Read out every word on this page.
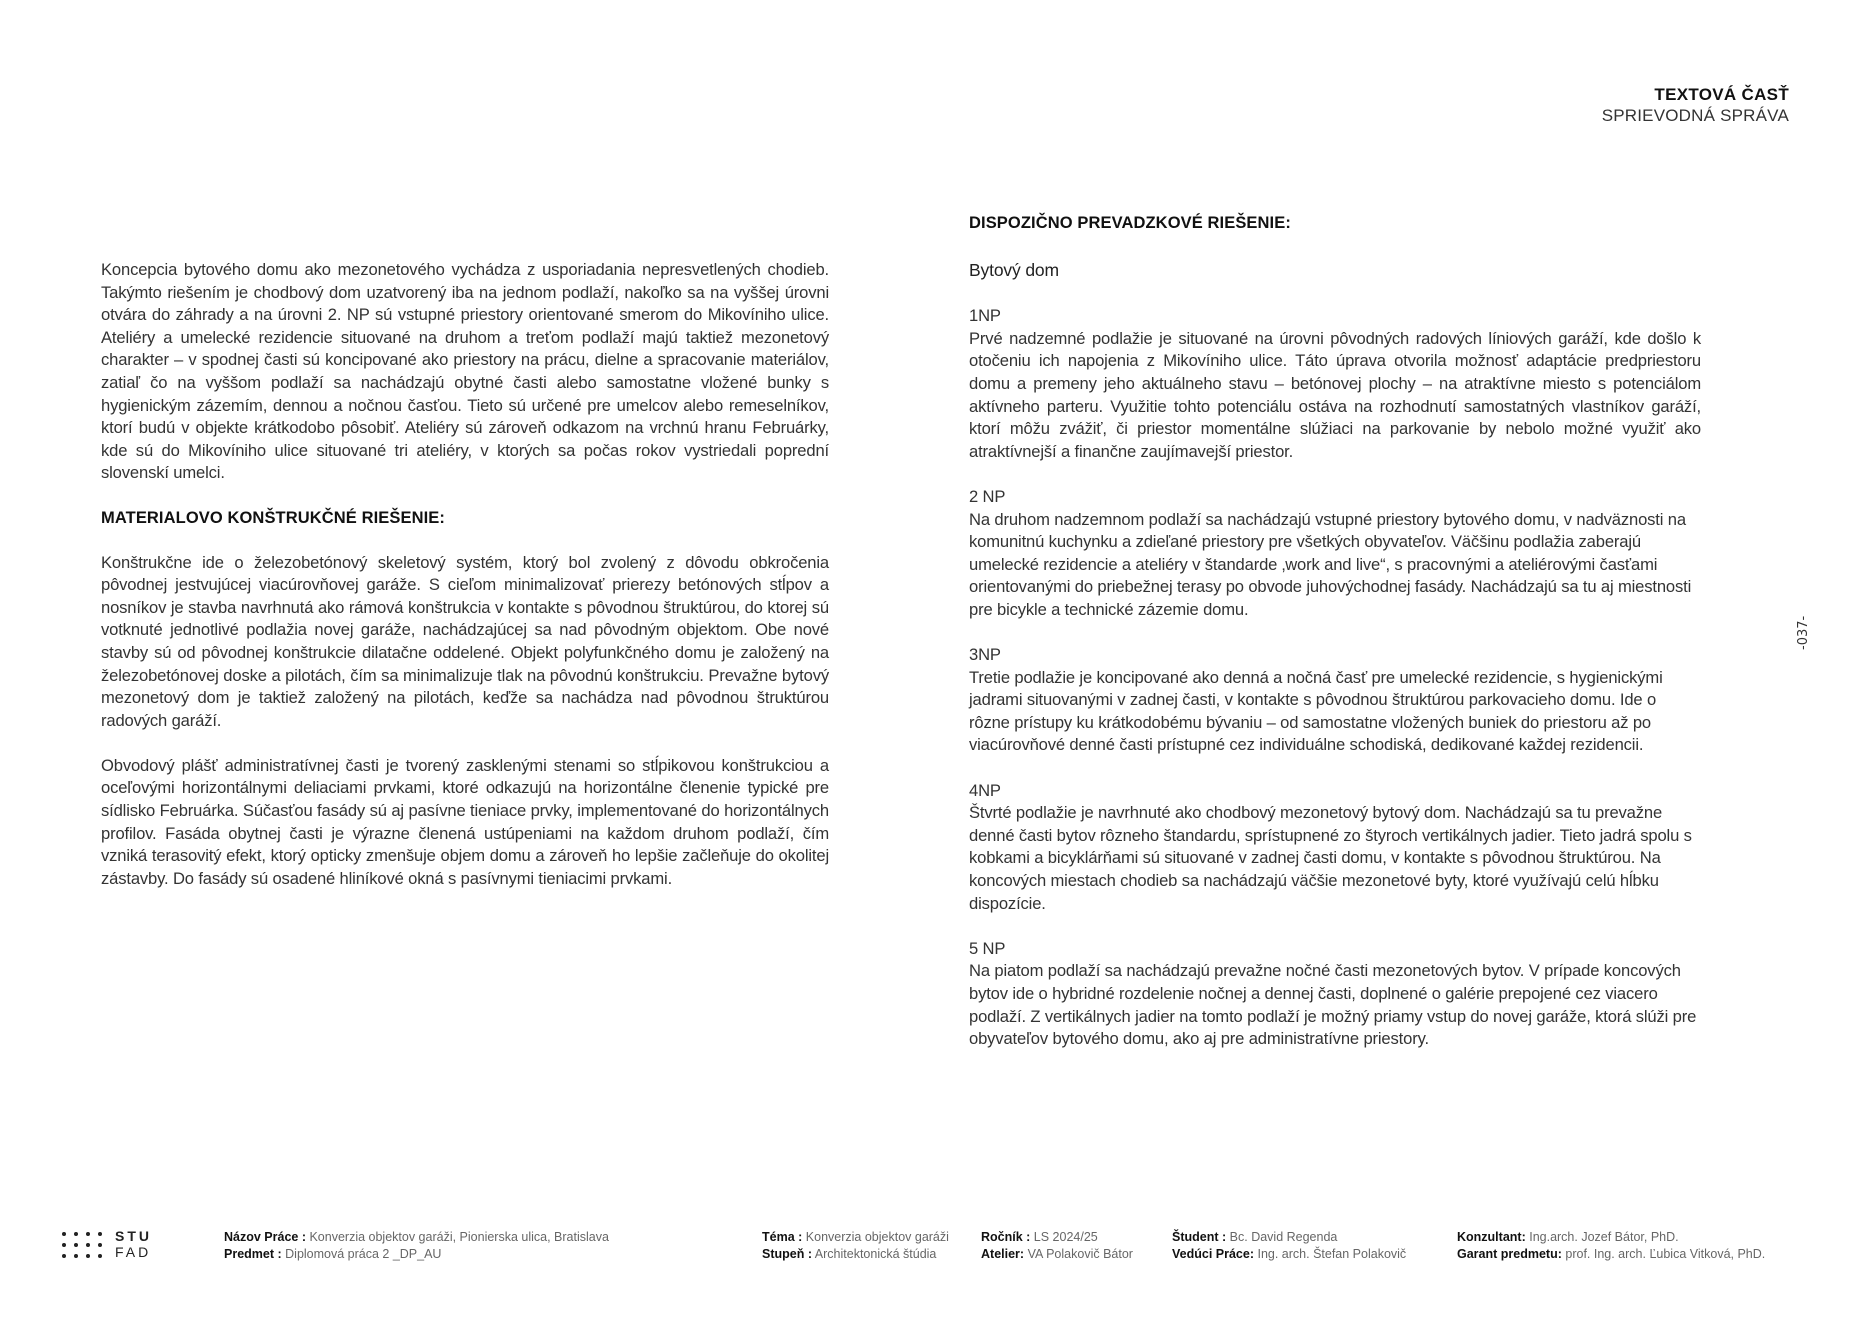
TEXTOVÁ ČASŤ
SPRIEVODNÁ SPRÁVA

Koncepcia bytového domu ako mezonetového vychádza z usporiadania nepresvetlených chodieb. Takýmto riešením je chodbový dom uzatvorený iba na jednom podlaží, nakoľko sa na vyššej úrovni otvára do záhrady a na úrovni 2. NP sú vstupné priestory orientované smerom do Mikovíniho ulice. Ateliéry a umelecké rezidencie situované na druhom a treťom podlaží majú taktiež mezonetový charakter – v spodnej časti sú koncipované ako priestory na prácu, dielne a spracovanie materiálov, zatiaľ čo na vyššom podlaží sa nachádzajú obytné časti alebo samostatne vložené bunky s hygienickým zázemím, dennou a nočnou časťou. Tieto sú určené pre umelcov alebo remeselníkov, ktorí budú v objekte krátkodobo pôsobiť. Ateliéry sú zároveň odkazom na vrchnú hranu Februárky, kde sú do Mikovíniho ulice situované tri ateliéry, v ktorých sa počas rokov vystriedali poprední slovenskí umelci.

MATERIALOVO KONŠTRUKČNÉ RIEŠENIE:

Konštrukčne ide o železobetónový skeletový systém, ktorý bol zvolený z dôvodu obkročenia pôvodnej jestvujúcej viacúrovňovej garáže. S cieľom minimalizovať prierezy betónových stĺpov a nosníkov je stavba navrhnutá ako rámová konštrukcia v kontakte s pôvodnou štruktúrou, do ktorej sú votknuté jednotlivé podlažia novej garáže, nachádzajúcej sa nad pôvodným objektom. Obe nové stavby sú od pôvodnej konštrukcie dilatačne oddelené. Objekt polyfunkčného domu je založený na železobetónovej doske a pilotách, čím sa minimalizuje tlak na pôvodnú konštrukciu. Prevažne bytový mezonetový dom je taktiež založený na pilotách, keďže sa nachádza nad pôvodnou štruktúrou radových garáží.

Obvodový plášť administratívnej časti je tvorený zasklenými stenami so stĺpikovou konštrukciou a oceľovými horizontálnymi deliaciami prvkami, ktoré odkazujú na horizontálne členenie typické pre sídlisko Februárka. Súčasťou fasády sú aj pasívne tieniace prvky, implementované do horizontálnych profilov. Fasáda obytnej časti je výrazne členená ustúpeniami na každom druhom podlaží, čím vzniká terasovitý efekt, ktorý opticky zmenšuje objem domu a zároveň ho lepšie začleňuje do okolitej zástavby. Do fasády sú osadené hliníkové okná s pasívnymi tieniacimi prvkami.

DISPOZIČNO PREVADZKOVÉ RIEŠENIE:
Bytový dom
1NP

Prvé nadzemné podlažie je situované na úrovni pôvodných radových líniových garáží, kde došlo k otočeniu ich napojenia z Mikovíniho ulice. Táto úprava otvorila možnosť adaptácie predpriestoru domu a premeny jeho aktuálneho stavu – betónovej plochy – na atraktívne miesto s potenciálom aktívneho parteru. Využitie tohto potenciálu ostáva na rozhodnutí samostatných vlastníkov garáží, ktorí môžu zvážiť, či priestor momentálne slúžiaci na parkovanie by nebolo možné využiť ako atraktívnejší a finančne zaujímavejší priestor.

2 NP

Na druhom nadzemnom podlaží sa nachádzajú vstupné priestory bytového domu, v nadväznosti na komunitnú kuchynku a zdieľané priestory pre všetkých obyvateľov. Väčšinu podlažia zaberajú umelecké rezidencie a ateliéry v štandarde ‚work and live“, s pracovnými a ateliérovými časťami orientovanými do priebežnej terasy po obvode juhovýchodnej fasády. Nachádzajú sa tu aj miestnosti pre bicykle a technické zázemie domu.

3NP

Tretie podlažie je koncipované ako denná a nočná časť pre umelecké rezidencie, s hygienickými jadrami situovanými v zadnej časti, v kontakte s pôvodnou štruktúrou parkovacieho domu. Ide o rôzne prístupy ku krátkodobému bývaniu – od samostatne vložených buniek do priestoru až po viacúrovňové denné časti prístupné cez individuálne schodiská, dedikované každej rezidencii.

4NP

Štvrté podlažie je navrhnuté ako chodbový mezonetový bytový dom. Nachádzajú sa tu prevažne denné časti bytov rôzneho štandardu, sprístupnené zo štyroch vertikálnych jadier. Tieto jadrá spolu s kobkami a bicyklárňami sú situované v zadnej časti domu, v kontakte s pôvodnou štruktúrou. Na koncových miestach chodieb sa nachádzajú väčšie mezonetové byty, ktoré využívajú celú hĺbku dispozície.

5 NP

Na piatom podlaží sa nachádzajú prevažne nočné časti mezonetových bytov. V prípade koncových bytov ide o hybridné rozdelenie nočnej a dennej časti, doplnené o galérie prepojené cez viacero podlaží. Z vertikálnych jadier na tomto podlaží je možný priamy vstup do novej garáže, ktorá slúži pre obyvateľov bytového domu, ako aj pre administratívne priestory.

-037-
STU
FAD
Názov Práce : Konverzia objektov garáži, Pionierska ulica, Bratislava
Predmet : Diplomová práca 2 _DP_AU
Téma : Konverzia objektov garáži
Stupeň : Architektonická štúdia
Ročník : LS 2024/25
Atelier: VA Polakovič Bátor
Študent : Bc. David Regenda
Vedúci Práce: Ing. arch. Štefan Polakovič
Konzultant: Ing.arch. Jozef Bátor, PhD.
Garant predmetu: prof. Ing. arch. Ľubica Vitková, PhD.
